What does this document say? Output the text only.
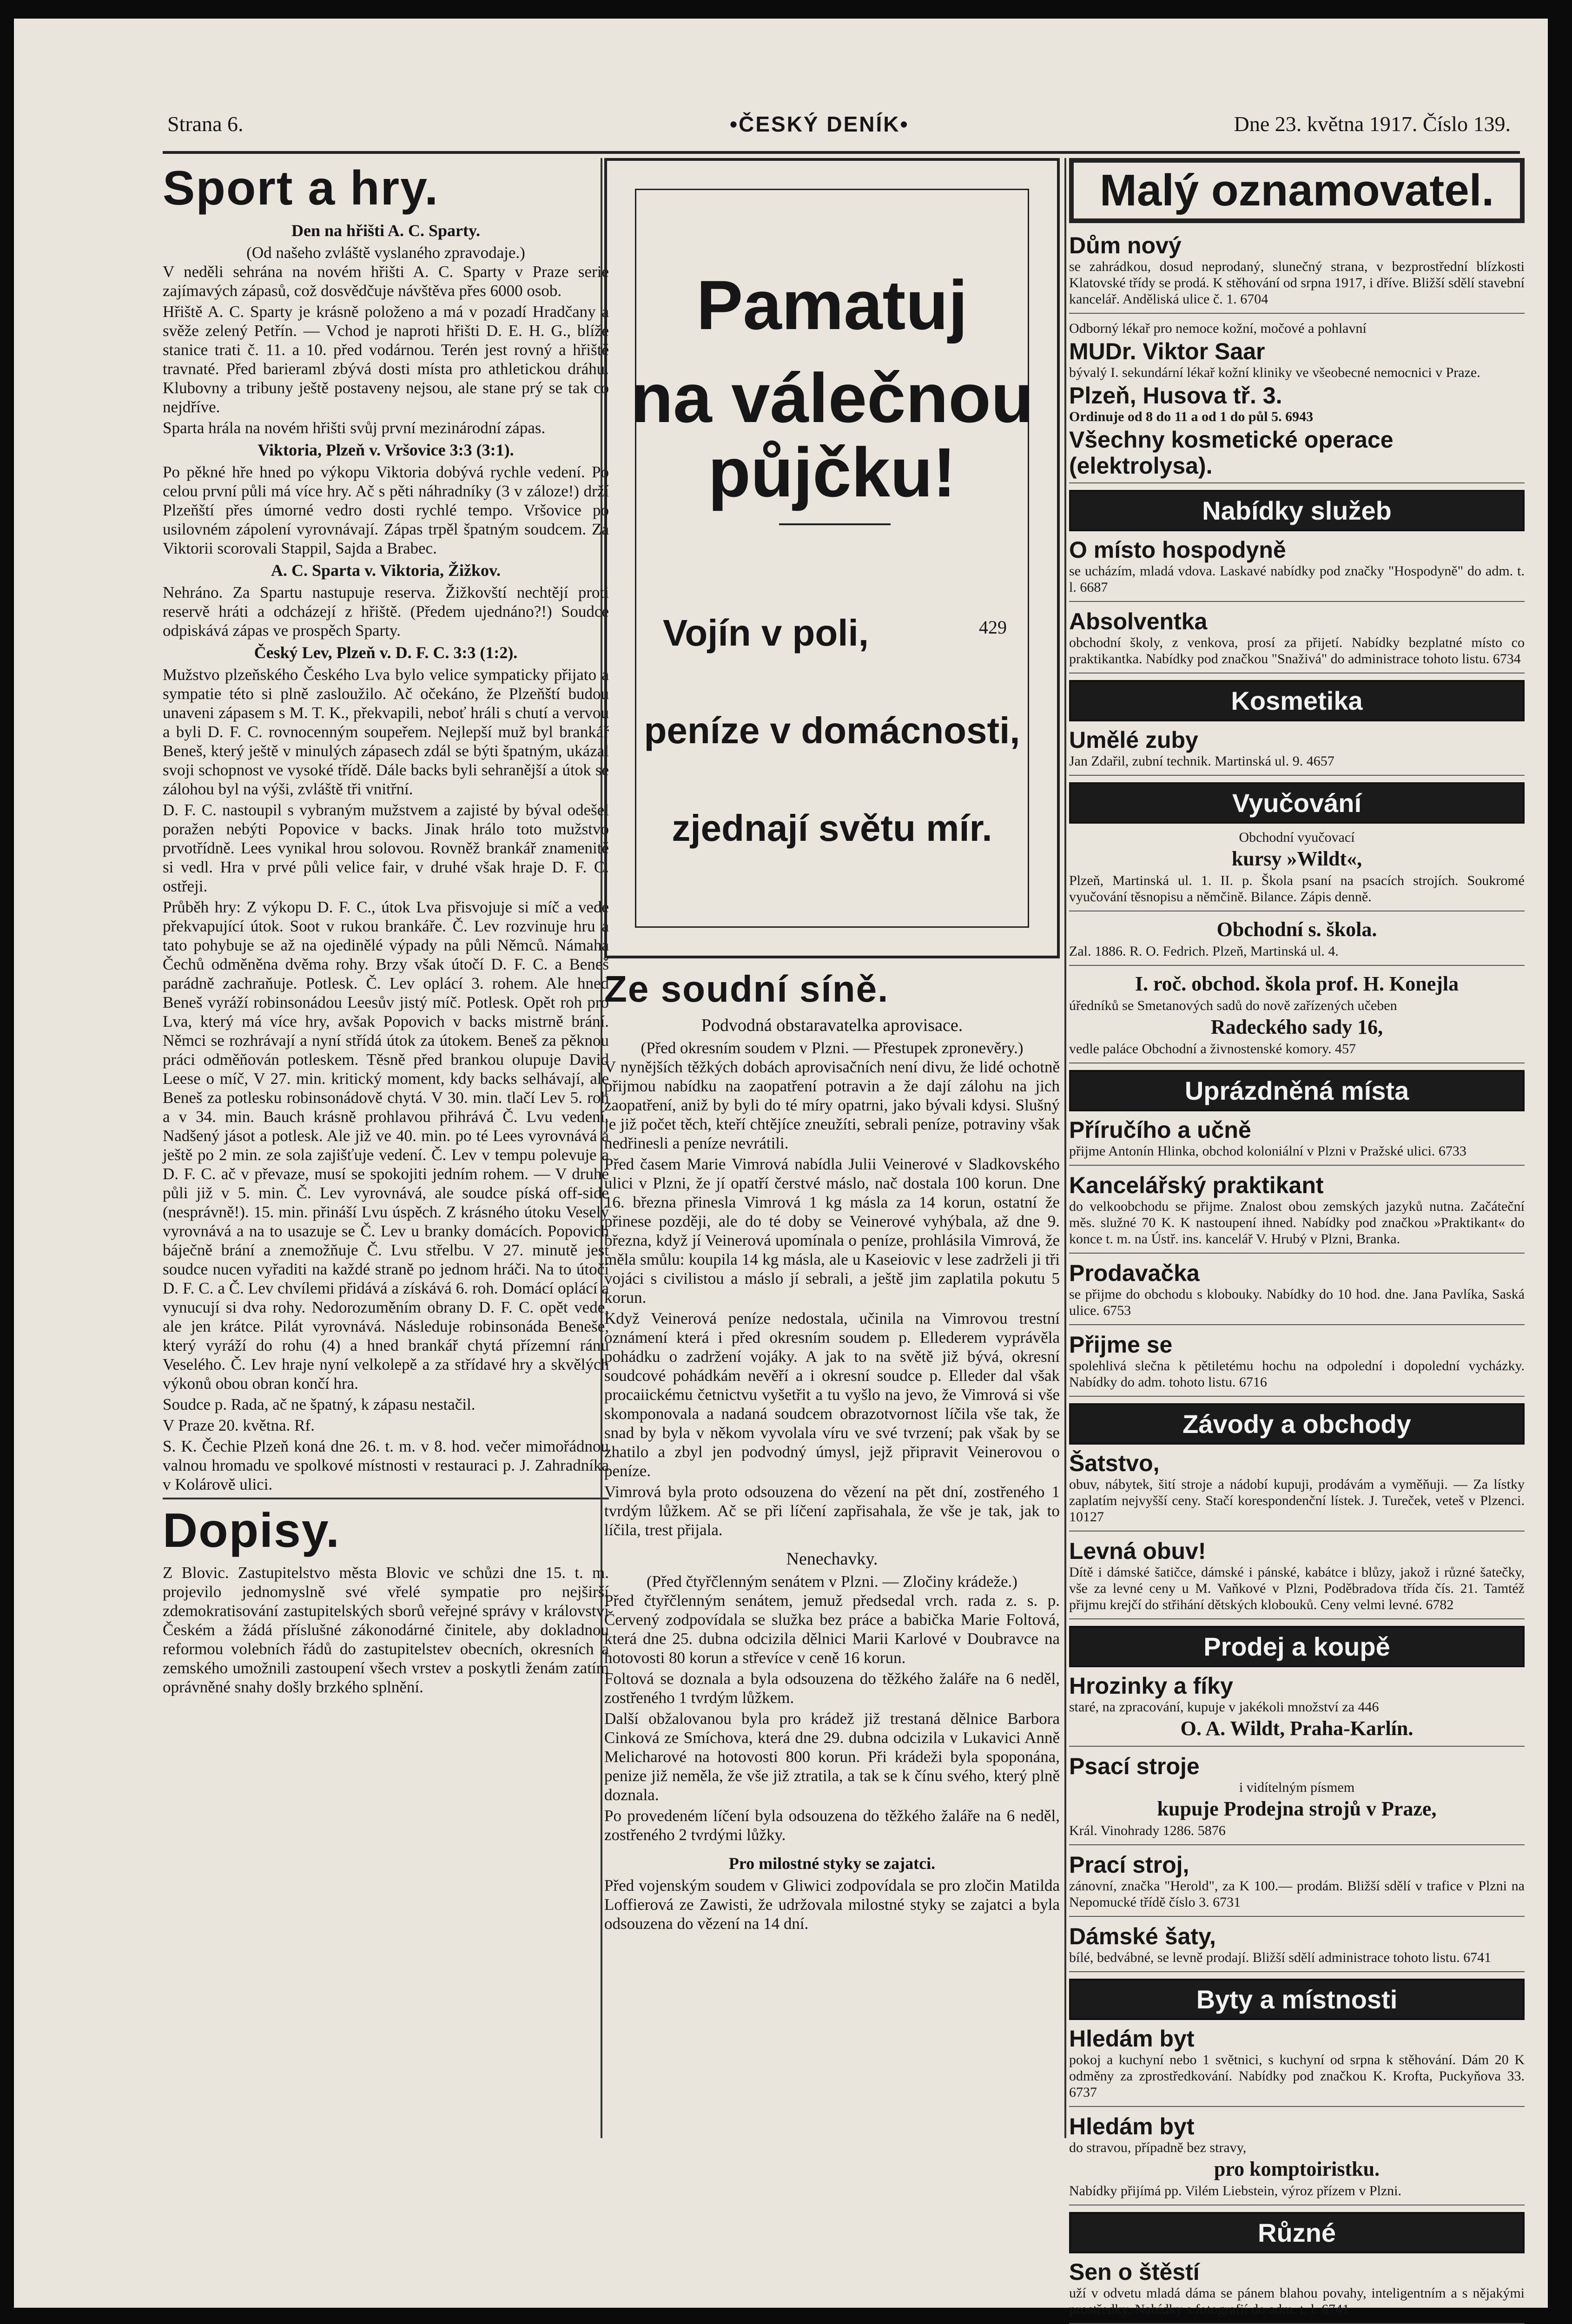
Strana 6.	•ČESKÝ DENÍK•	Dne 23. května 1917. Číslo 139.
Sport a hry.
Den na hřišti A. C. Sparty.
(Od našeho zvláště vyslaného zpravodaje.)

V neděli sehrána na novém hřišti A. C. Sparty v Praze serie zajímavých zápasů, což dosvědčuje návštěva přes 6000 osob.

Hřiště A. C. Sparty je krásně položeno a má v pozadí Hradčany a svěže zelený Petřín. — Vchod je naproti hřišti D. E. H. G., blíže stanice trati č. 11. a 10. před vodárnou. Terén jest rovný a hřiště travnaté. Před barieraml zbývá dosti místa pro athletickou dráhu. Klubovny a tribuny ještě postaveny nejsou, ale stane prý se tak co nejdříve.

Sparta hrála na novém hřišti svůj první mezinárodní zápas.

Viktoria, Plzeň v. Vršovice 3:3 (3:1).

Po pěkné hře hned po výkopu Viktoria dobývá rychle vedení. Po celou první půli má více hry. Ač s pěti náhradníky (3 v záloze!) drží Plzeňští přes úmorné vedro dosti rychlé tempo. Vršovice po usilovném zápolení vyrovnávají. Zápas trpěl špatným soudcem. Za Viktorii scorovali Stappil, Sajda a Brabec.

A. C. Sparta v. Viktoria, Žižkov.

Nehráno. Za Spartu nastupuje reserva. Žižkovští nechtějí proti reservě hráti a odcházejí z hřiště. (Předem ujednáno?!) Soudce odpiskává zápas ve prospěch Sparty.

Český Lev, Plzeň v. D. F. C. 3:3 (1:2).

Mužstvo plzeňského Českého Lva bylo velice sympaticky přijato a sympatie této si plně zasloužilo. Ač očekáno, že Plzeňští budou unaveni zápasem s M. T. K., překvapili, neboť hráli s chutí a vervou a byli D. F. C. rovnocenným soupeřem. Nejlepší muž byl brankář Beneš, který ještě v minulých zápasech zdál se býti špatným, ukázal svoji schopnost ve vysoké třídě. Dále backs byli sehranější a útok se zálohou byl na výši, zvláště tři vnitřní.

D. F. C. nastoupil s vybraným mužstvem a zajisté by býval odešel poražen nebýti Popovice v backs. Jinak hrálo toto mužstvo prvotřídně. Lees vynikal hrou solovou. Rovněž brankář znamenitě si vedl. Hra v prvé půli velice fair, v druhé však hraje D. F. C. ostřeji.

Průběh hry: Z výkopu D. F. C., útok Lva přisvojuje si míč a vede překvapující útok. Soot v rukou brankáře. Č. Lev rozvinuje hru a tato pohybuje se až na ojedinělé výpady na půli Němců. Námaha Čechů odměněna dvěma rohy. Brzy však útočí D. F. C. a Beneš parádně zachraňuje. Potlesk. Č. Lev oplácí 3. rohem. Ale hned Beneš vyráží robinsonádou Leesův jistý míč. Potlesk. Opět roh pro Lva, který má více hry, avšak Popovich v backs mistrně brání. Němci se rozhrávají a nyní střídá útok za útokem. Beneš za pěknou práci odměňován potleskem. Těsně před brankou olupuje David Leese o míč, V 27. min. kritický moment, kdy backs selhávají, ale Beneš za potlesku robinsonádově chytá. V 30. min. tlačí Lev 5. roh a v 34. min. Bauch krásně prohlavou přihrává Č. Lvu vedení. Nadšený jásot a potlesk. Ale již ve 40. min. po té Lees vyrovnává a ještě po 2 min. ze sola zajišťuje vedení. Č. Lev v tempu polevuje a D. F. C. ač v převaze, musí se spokojiti jedním rohem. — V druhé půli již v 5. min. Č. Lev vyrovnává, ale soudce píská off-side (nesprávně!). 15. min. přináší Lvu úspěch. Z krásného útoku Veselý vyrovnává a na to usazuje se Č. Lev u branky domácích. Popovich báječně brání a znemožňuje Č. Lvu střelbu. V 27. minutě jest soudce nucen vyřaditi na každé straně po jednom hráči. Na to útočí D. F. C. a Č. Lev chvílemi přidává a získává 6. roh. Domácí oplácí a vynucují si dva rohy. Nedorozuměním obrany D. F. C. opět vede, ale jen krátce. Pilát vyrovnává. Následuje robinsonáda Beneše, který vyráží do rohu (4) a hned brankář chytá přízemní ránu Veselého. Č. Lev hraje nyní velkolepě a za střídavé hry a skvělých výkonů obou obran končí hra.

Soudce p. Rada, ač ne špatný, k zápasu nestačil.

V Praze 20. května. Rf.

S. K. Čechie Plzeň koná dne 26. t. m. v 8. hod. večer mimořádnou valnou hromadu ve spolkové místnosti v restauraci p. J. Zahradníka v Kolárově ulici.

Dopisy.

Z Blovic. Zastupitelstvo města Blovic ve schůzi dne 15. t. m. projevilo jednomyslně své vřelé sympatie pro nejširší zdemokratisování zastupitelských sborů veřejné správy v království Českém a žádá příslušné zákonodárné činitele, aby dokladnou reformou volebních řádů do zastupitelstev obecních, okresních a zemského umožnili zastoupení všech vrstev a poskytli ženám zatím oprávněné snahy došly brzkého splnění.

Pamatuj
na válečnou půjčku!
Vojín v poli,	429
peníze v domácnosti,
zjednají světu mír.
Ze soudní síně.
Podvodná obstaravatelka aprovisace.
(Před okresním soudem v Plzni. — Přestupek zpronevěry.)

V nynějších těžkých dobách aprovisačních není divu, že lidé ochotně přijmou nabídku na zaopatření potravin a že dají zálohu na jich zaopatření, aniž by byli do té míry opatrni, jako bývali kdysi. Slušný je již počet těch, kteří chtějíce zneužíti, sebrali peníze, potraviny však nedřinesli a peníze nevrátili.

Před časem Marie Vimrová nabídla Julii Veinerové v Sladkovského ulici v Plzni, že jí opatří čerstvé máslo, nač dostala 100 korun. Dne 16. března přinesla Vimrová 1 kg másla za 14 korun, ostatní že přinese později, ale do té doby se Veinerové vyhýbala, až dne 9. března, když jí Veinerová upomínala o peníze, prohlásila Vimrová, že měla smůlu: koupila 14 kg másla, ale u Kaseiovic v lese zadrželi ji tři vojáci s civilistou a máslo jí sebrali, a ještě jim zaplatila pokutu 5 korun.

Když Veinerová peníze nedostala, učinila na Vimrovou trestní oznámení která i před okresním soudem p. Ellederem vyprávěla pohádku o zadržení vojáky. A jak to na světě již bývá, okresní soudcové pohádkám nevěří a i okresní soudce p. Elleder dal však procaiickému četnictvu vyšetřit a tu vyšlo na jevo, že Vimrová si vše skomponovala a nadaná soudcem obrazotvornost líčila vše tak, že snad by byla v někom vyvolala víru ve své tvrzení; pak však by se zhatilo a zbyl jen podvodný úmysl, jejž připravit Veinerovou o peníze.

Vimrová byla proto odsouzena do vězení na pět dní, zostřeného 1 tvrdým lůžkem. Ač se při líčení zapřisahala, že vše je tak, jak to líčila, trest přijala.

Nenechavky.
(Před čtyřčlenným senátem v Plzni. — Zločiny krádeže.)

Před čtyřčlenným senátem, jemuž předsedal vrch. rada z. s. p. Červený zodpovídala se služka bez práce a babička Marie Foltová, která dne 25. dubna odcizila dělnici Marii Karlové v Doubravce na hotovosti 80 korun a střevíce v ceně 16 korun.

Foltová se doznala a byla odsouzena do těžkého žaláře na 6 neděl, zostřeného 1 tvrdým lůžkem.

Další obžalovanou byla pro krádež již trestaná dělnice Barbora Cinková ze Smíchova, která dne 29. dubna odcizila v Lukavici Anně Melicharové na hotovosti 800 korun. Při krádeži byla spoponána, penize již neměla, že vše již ztratila, a tak se k čínu svého, který plně doznala.

Po provedeném líčení byla odsouzena do těžkého žaláře na 6 neděl, zostřeného 2 tvrdými lůžky.

Pro milostné styky se zajatci.

Před vojenským soudem v Gliwici zodpovídala se pro zločin Matilda Loffierová ze Zawisti, že udržovala milostné styky se zajatci a byla odsouzena do vězení na 14 dní.

Malý oznamovatel.
Dům nový

se zahrádkou, dosud neprodaný, slunečný strana, v bezprostřední blízkosti Klatovské třídy se prodá. K stěhování od srpna 1917, i dříve. Bližší sdělí stavební kancelář. Anděliská ulice č. 1. 6704

Odborný lékař pro nemoce kožní, močové a pohlavní

MUDr. Viktor Saar

bývalý I. sekundární lékař kožní kliniky ve všeobecné nemocnici v Praze.

Plzeň, Husova tř. 3.

Ordinuje od 8 do 11 a od 1 do půl 5. 6943

Všechny kosmetické operace (elektrolysa).
Nabídky služeb
O místo hospodyně

se ucházím, mladá vdova. Laskavé nabídky pod značky "Hospodyně" do adm. t. l. 6687

Absolventka

obchodní školy, z venkova, prosí za přijetí. Nabídky bezplatné místo co praktikantka. Nabídky pod značkou "Snaživá" do administrace tohoto listu. 6734

Kosmetika
Umělé zuby

Jan Zdařil, zubní technik. Martinská ul. 9. 4657

Vyučování

Obchodní vyučovací

kursy »Wildt«,

Plzeň, Martinská ul. 1. II. p. Škola psaní na psacích strojích. Soukromé vyučování těsnopisu a němčině. Bilance. Zápis denně.

Obchodní s. škola.

Zal. 1886. R. O. Fedrich. Plzeň, Martinská ul. 4.

I. roč. obchod. škola prof. H. Konejla

úředníků se Smetanových sadů do nově zařízených učeben

Radeckého sady 16,

vedle paláce Obchodní a živnostenské komory. 457

Uprázdněná místa
Příručího a učně

přijme Antonín Hlinka, obchod koloniální v Plzni v Pražské ulici. 6733

Kancelářský praktikant

do velkoobchodu se přijme. Znalost obou zemských jazyků nutna. Začáteční měs. služné 70 K. K nastoupení ihned. Nabídky pod značkou »Praktikant« do konce t. m. na Ústř. ins. kancelář V. Hrubý v Plzni, Branka.

Prodavačka

se přijme do obchodu s klobouky. Nabídky do 10 hod. dne. Jana Pavlíka, Saská ulice. 6753

Přijme se

spolehlivá slečna k pětiletému hochu na odpolední i dopolední vycházky. Nabídky do adm. tohoto listu. 6716

Závody a obchody
Šatstvo,

obuv, nábytek, šití stroje a nádobí kupuji, prodávám a vyměňuji. — Za lístky zaplatím nejvyšší ceny. Stačí korespondenční lístek. J. Tureček, veteš v Plzenci. 10127

Levná obuv!

Dítě i dámské šatičce, dámské i pánské, kabátce i blůzy, jakož i různé šatečky, vše za levné ceny u M. Vaňkové v Plzni, Poděbradova třída čís. 21. Tamtéž přijmu krejčí do střihání dětských klobouků. Ceny velmi levné. 6782

Prodej a koupě
Hrozinky a fíky

staré, na zpracování, kupuje v jakékoli množství za 446

O. A. Wildt, Praha-Karlín.
Psací stroje

i vidítelným písmem

kupuje Prodejna strojů v Praze,

Král. Vinohrady 1286. 5876

Prací stroj,

zánovní, značka "Herold", za K 100.— prodám. Bližší sdělí v trafice v Plzni na Nepomucké třídě číslo 3. 6731

Dámské šaty,

bílé, bedvábné, se levně prodají. Bližší sdělí administrace tohoto listu. 6741

Byty a místnosti
Hledám byt

pokoj a kuchyní nebo 1 světnici, s kuchyní od srpna k stěhování. Dám 20 K odměny za zprostředkování. Nabídky pod značkou K. Krofta, Puckyňova 33. 6737

Hledám byt

do stravou, případně bez stravy,

pro komptoiristku.

Nabídky přijímá pp. Vilém Liebstein, výroz přízem v Plzni.

Různé
Sen o štěstí

uží v odvetu mladá dáma se pánem blahou povahy, inteligentním a s nějakými prostředky. Nabídky s fotografií do adm. t. l. 6741
